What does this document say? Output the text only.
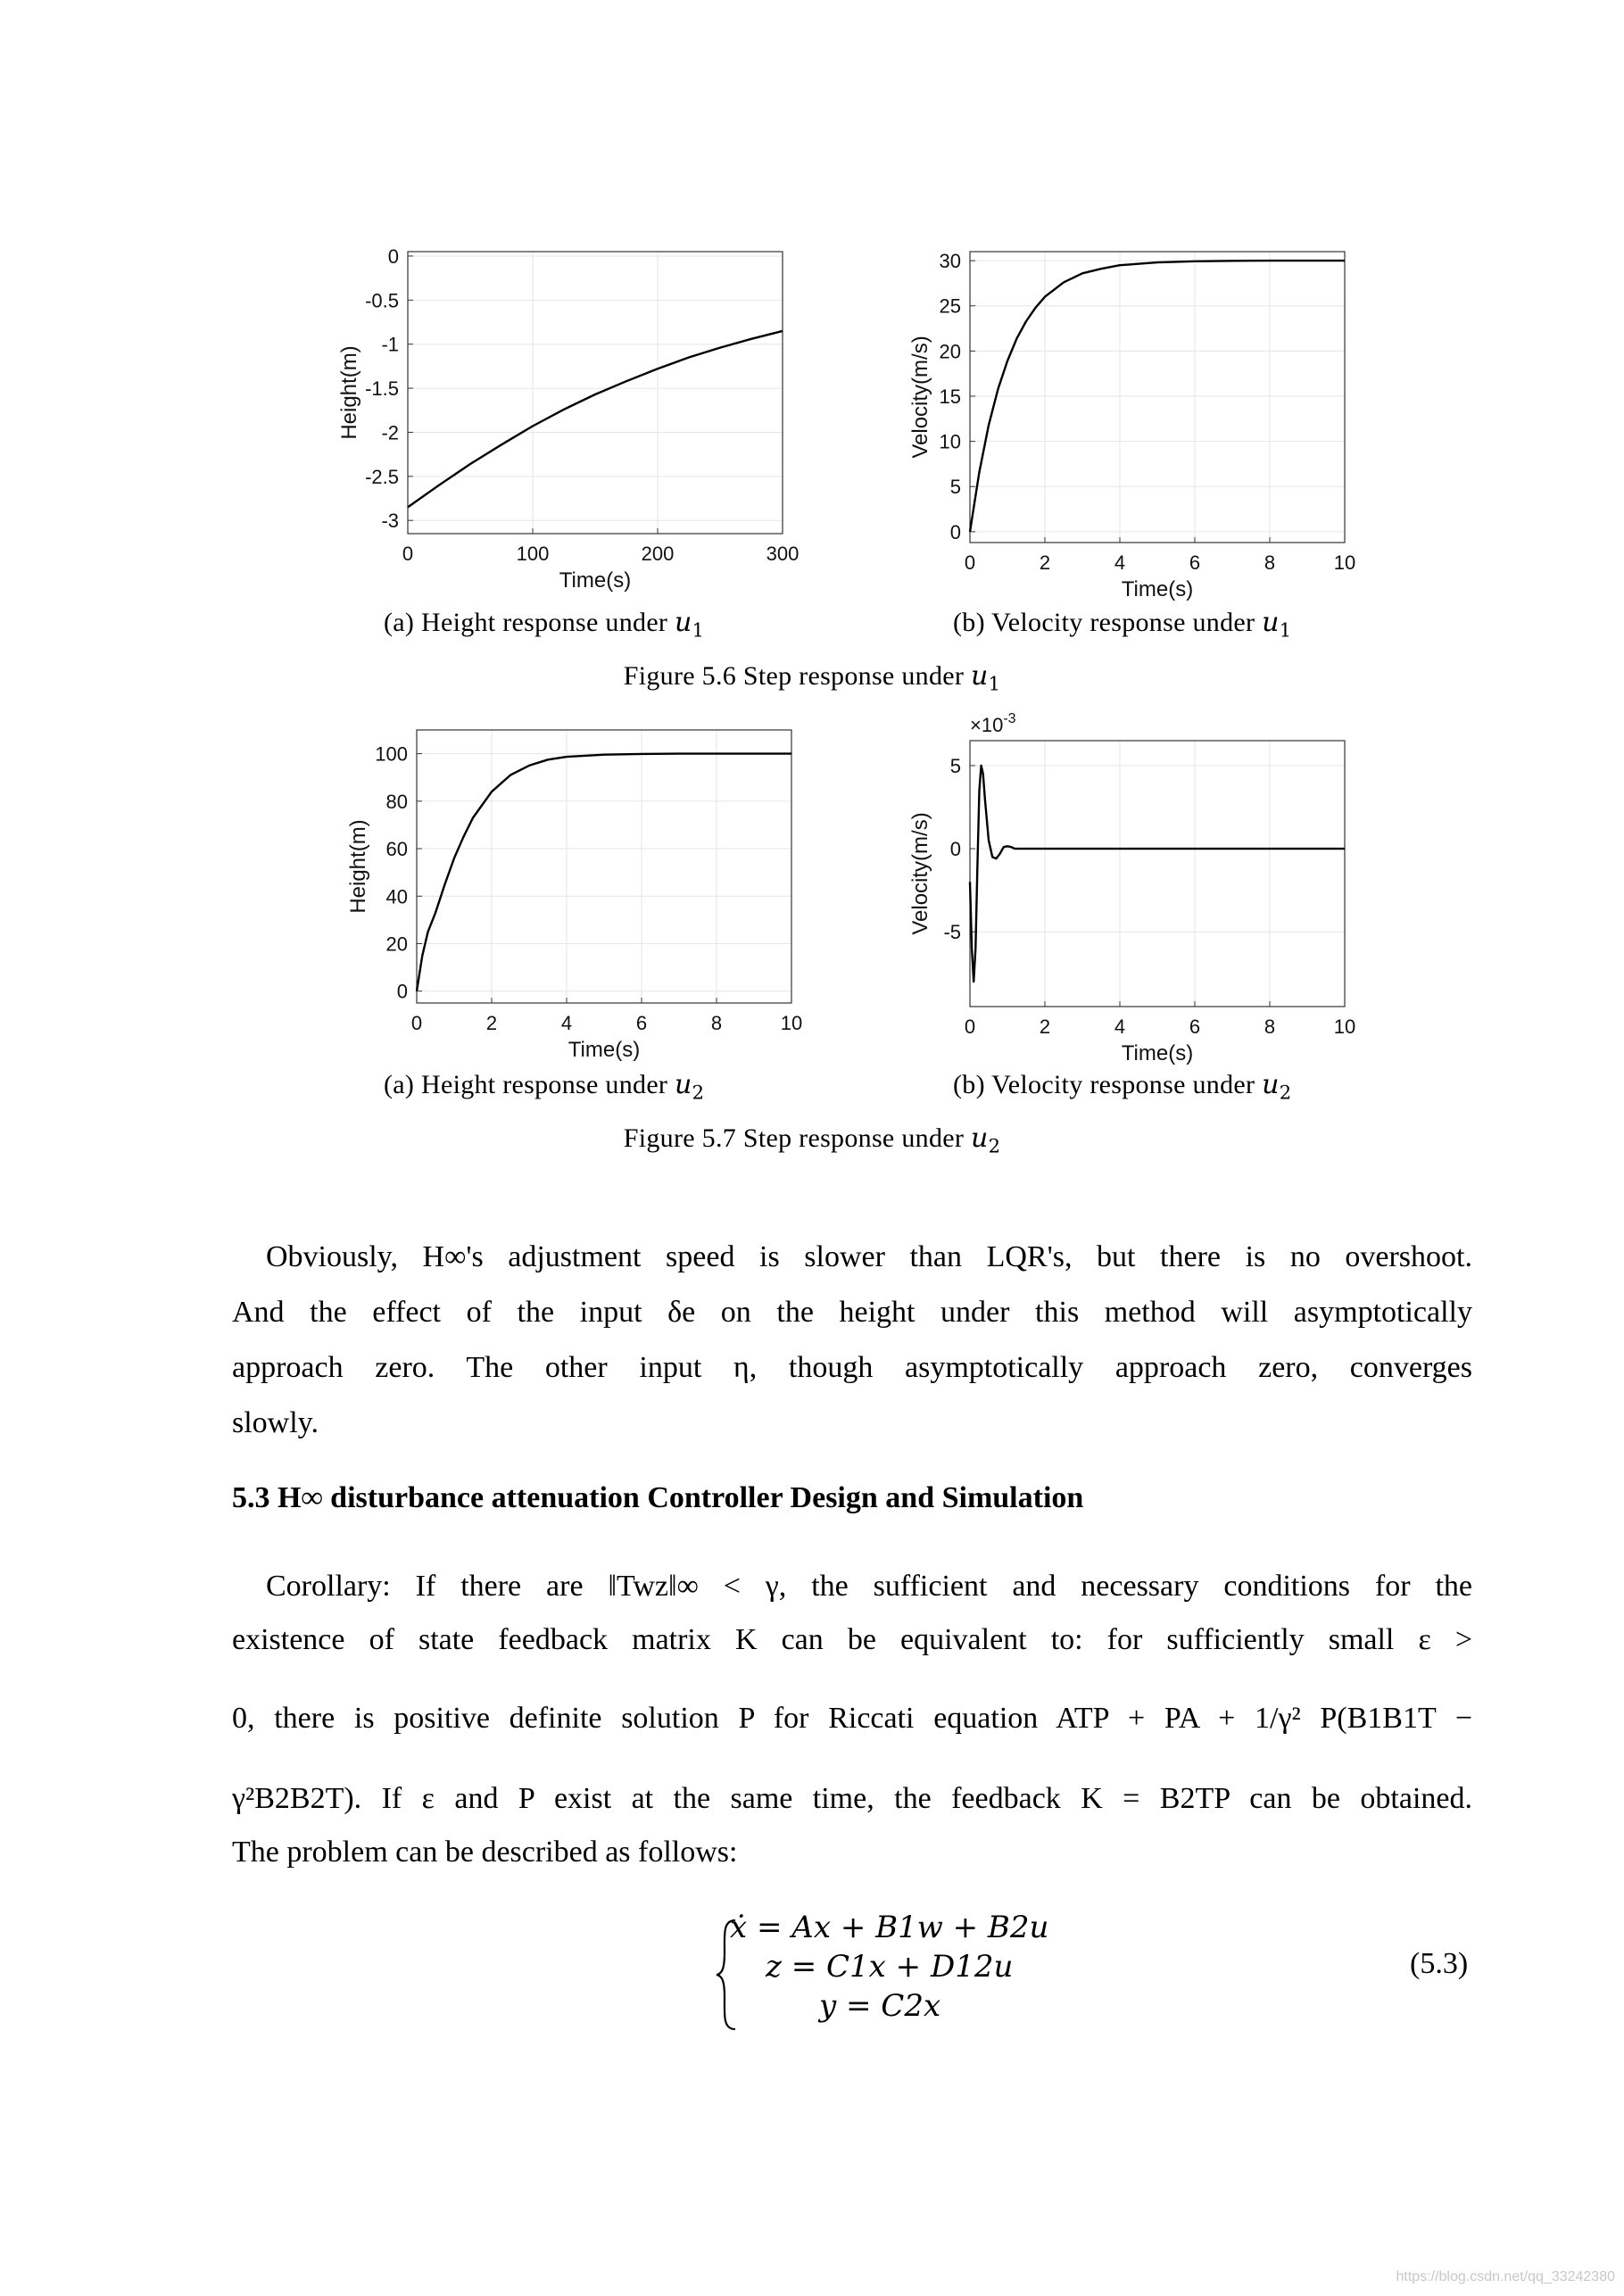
0	100	200	300
0
-0.5
-1
-1.5
-2
-2.5
-3
Time(s)
Height(m)
0	2	4	6	8	10
0
5
10
15
20
25
30
Time(s)
Velocity(m/s)
(a) Height response under $u_1$	(b) Velocity response under $u_1$
Figure 5.6 Step response under $u_1$
0	2	4	6	8	10
0
20
40
60
80
100
Time(s)
Height(m)
0	2	4	6	8	10
5
0
-5
Time(s)
Velocity(m/s)
$\times 10^{-3}$
(a) Height response under $u_2$	(b) Velocity response under $u_2$
Figure 5.7 Step response under $u_2$
Obviously, H∞'s adjustment speed is slower than LQR's, but there is no overshoot.
And the effect of the input δe on the height under this method will asymptotically
approach zero. The other input η, though asymptotically approach zero, converges
slowly.
5.3 H∞ disturbance attenuation Controller Design and Simulation
Corollary: If there are ‖Twz‖∞ < γ, the sufficient and necessary conditions for the
existence of state feedback matrix K can be equivalent to: for sufficiently small ε >
0, there is positive definite solution P for Riccati equation ATP + PA + 1/γ² P(B1B1T −
γ²B2B2T). If ε and P exist at the same time, the feedback K = B2TP can be obtained.
The problem can be described as follows:
ẋ = Ax + B1w + B2u
z = C1x + D12u
y = C2x
(5.3)
https://blog.csdn.net/qq_33242380
